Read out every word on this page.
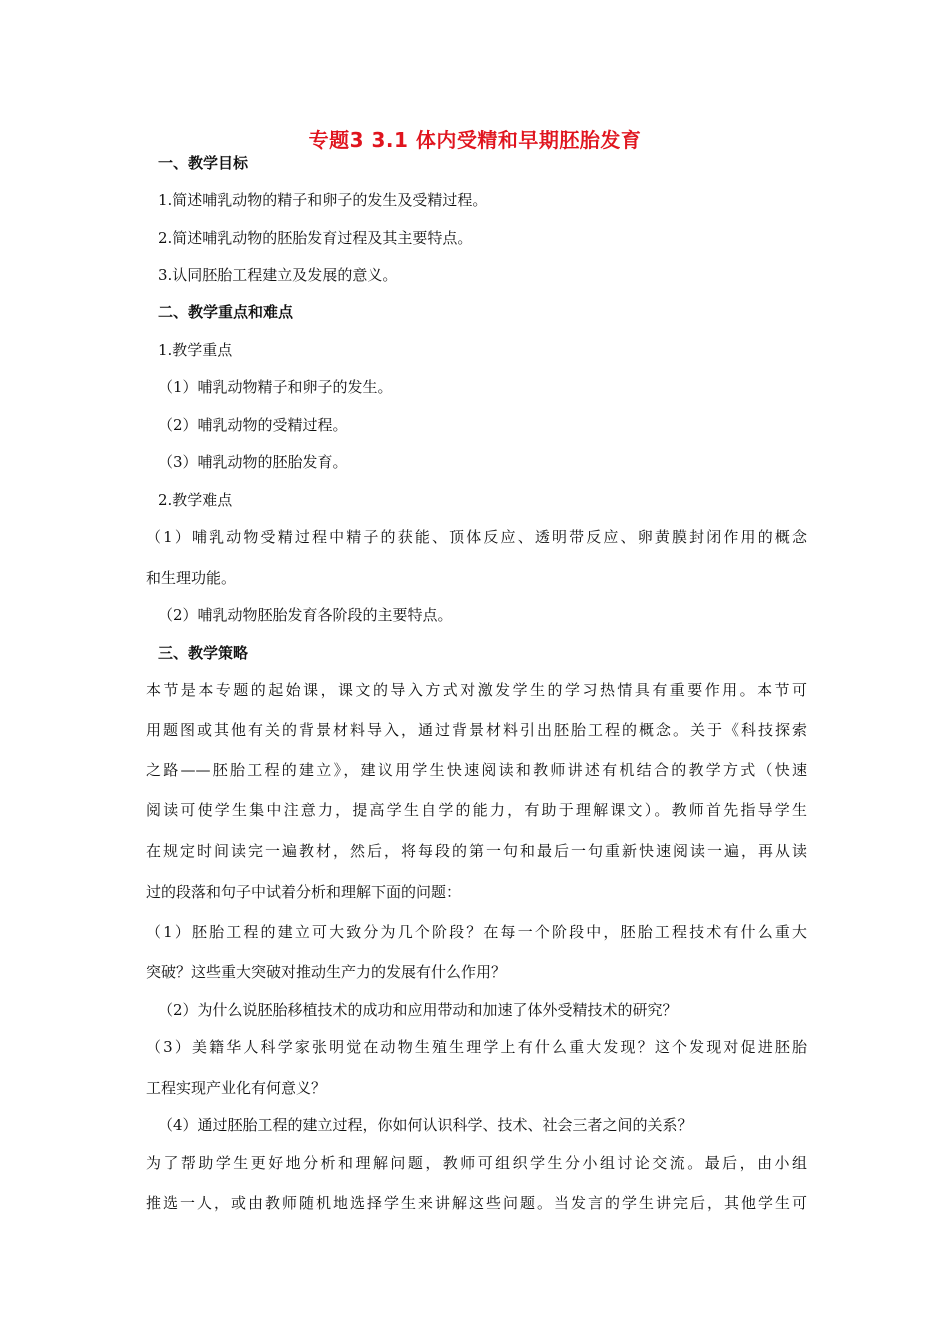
专题3 3.1 体内受精和早期胚胎发育
一、教学目标
1.简述哺乳动物的精子和卵子的发生及受精过程。
2.简述哺乳动物的胚胎发育过程及其主要特点。
3.认同胚胎工程建立及发展的意义。
二、教学重点和难点
1.教学重点
（1）哺乳动物精子和卵子的发生。
（2）哺乳动物的受精过程。
（3）哺乳动物的胚胎发育。
2.教学难点
（1）哺乳动物受精过程中精子的获能、顶体反应、透明带反应、卵黄膜封闭作用的概念
和生理功能。
（2）哺乳动物胚胎发育各阶段的主要特点。
三、教学策略
本节是本专题的起始课，课文的导入方式对激发学生的学习热情具有重要作用。本节可
用题图或其他有关的背景材料导入，通过背景材料引出胚胎工程的概念。关于《科技探索
之路——胚胎工程的建立》，建议用学生快速阅读和教师讲述有机结合的教学方式（快速
阅读可使学生集中注意力，提高学生自学的能力，有助于理解课文）。教师首先指导学生
在规定时间读完一遍教材，然后，将每段的第一句和最后一句重新快速阅读一遍，再从读
过的段落和句子中试着分析和理解下面的问题：
（1）胚胎工程的建立可大致分为几个阶段？在每一个阶段中，胚胎工程技术有什么重大
突破？这些重大突破对推动生产力的发展有什么作用？
（2）为什么说胚胎移植技术的成功和应用带动和加速了体外受精技术的研究？
（3）美籍华人科学家张明觉在动物生殖生理学上有什么重大发现？这个发现对促进胚胎
工程实现产业化有何意义？
（4）通过胚胎工程的建立过程，你如何认识科学、技术、社会三者之间的关系？
为了帮助学生更好地分析和理解问题，教师可组织学生分小组讨论交流。最后，由小组
推选一人，或由教师随机地选择学生来讲解这些问题。当发言的学生讲完后，其他学生可
